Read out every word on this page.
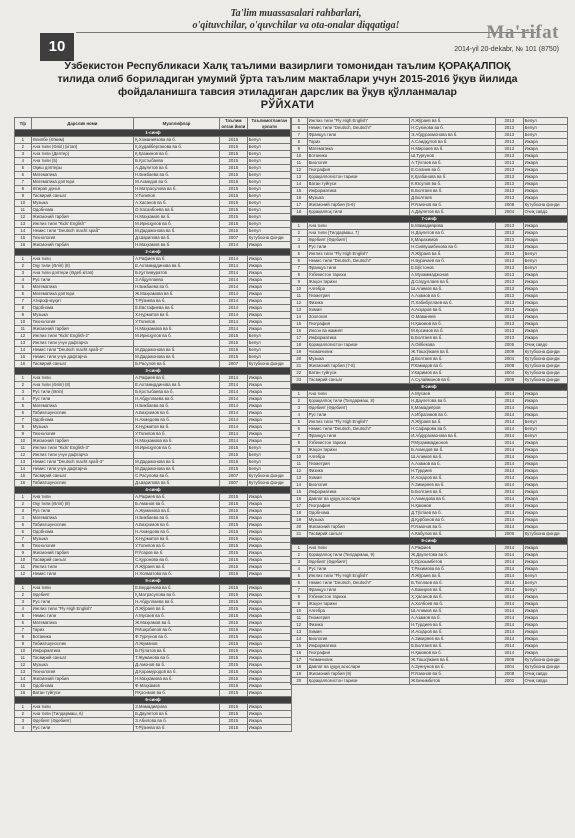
10
Ta'lim muassasalari rahbarlari,
o'qituvchilar, o'quvchilar va ota-onalar diqqatiga!	Ma'rifat
2014-yil 20-dekabr, № 101 (8750)
Ўзбекистон Республикаси Халқ таълими вазирлиги томонидан таълим ҚОРАҚАЛПОҚ
тилида олиб бориладиган умумий ўрта таълим мактаблари учун 2015-2016 ўқув йилида
фойдаланишга тавсия этиладиган дарслик ва ўқув қўлланмалар
РЎЙХАТИ
Т/р	Дарслик номи	Муаллифлар	Таълим олган йили	Таълимотланган ҳолати
1-синф				
1	Әлипбе (Ә'жим)	Қ.Хожаниязова ва б.	2015	Бепул
2	Ана тили (Әліп) (кітап)	Қ.Худайберганова ва б.	2015	Бепул
3	Ана тили (Дептер)	Қ.Қазжинов ва б.	2015	Бепул
4	Ана тили (5)	Б.Қостыбаева	2015	Бепул
5	Оқиш дәптеры	А.Даулетов ва б.	2015	Бепул
6	Математика	Н.Бикбаева ва б.	2015	Бепул
7	Математика дәптери	М.Ахмедов ва б.	2015	Бепул
8	Әтирап дүнья	Н.Матрасулова ва б.	2015	Бепул
9	Тасвирий санъат	У.Толипов	2015	Бепул
10	Музыка	А.Хасанов ва б.	2015	Бепул
11	Одобнома	О.Хасанбоева ва б.	2015	Бепул
12	Жисмоний тарбия	Н.Маҳкамов ва б.	2015	Бепул
13	Инглиз тили "Kids' English"	М.Ирисқулов ва б.	2015	Бепул
14	Немис тили "Deutsch macht spaß"	М.Дадажонова ва б.	2015	Бепул
15	Технология	Д.Шарипова ва б.	2007	Кутубхона фонди
16	Жисмоний тарбия	Н.Маҳкамов ва б.	2014	Ижара
2-синф				
1	Ана тили	А.Рафиев ва б.	2014	Ижара
2	Оқу тили (Әліп) (8)	Е.Ахтамиддинова ва б.	2014	Ижара
3	Ана тили дәптери (Әдеб кітап)	Б.Қутлимуратов	2014	Ижара
4	Рус тили	З.Абдуллаева	2014	Ижара
5	Математика	Н.Бикбаева ва б.	2014	Ижара
6	Математика дәптери	Ж.Маҳкамова ва б.	2014	Ижара
7	Атироф-муҳит	Т.Рўзиева ва б.	2014	Ижара
8	Одобнома	Е.Евстафиева ва б.	2014	Ижара
9	Музыка	Х.Нурматов ва б.	2014	Ижара
10	Технология	У.Толипов	2014	Ижара
11	Жисмоний тарбия	Н.Маҳкамова ва б.	2014	Ижара
12	Инглиз тили "Kids' English-2"	М.Ирисқулов ва б.	2015	Бепул
13	Инглиз тили учун дафтарча		2015	Бепул
14	Немис тили "Deutsch macht spaß-2"	М.Дадажонова ва б.	2015	Бепул
15	Немис тили учун дафтарча	М.Дадажонова ва б.	2015	Бепул
16	Тасвирий санъат	Б.Расулов ва б.	2007	Кутубхона фонди
3-синф				
1	Ана тили	А.Рафиев ва б.	2014	Ижара
2	Ана тили (Әліп) (8)	Е.Ахтамиддинова ва б.	2014	Ижара
3	Рус тили (Әліп)	Б.Қостыбаева ва б.	2014	Ижара
4	Рус тили	Н.Абдуллаева ва б.	2014	Ижара
5	Математика	Н.Бикбаева ва б.	2014	Ижара
6	Табиатшунослик	А.Бахромов ва б.	2014	Ижара
7	Одобнома	Н.Ахмедова ва б.	2014	Ижара
8	Музыка	Х.Нурматов ва б.	2014	Ижара
9	Технология	У.Толипов ва б.	2014	Ижара
10	Жисмоний тарбия	Н.Маҳкамова ва б.	2014	Ижара
11	Инглиз тили "Kids' English-3"	М.Ирисқулов ва б.	2015	Бепул
12	Инглиз тили учун дафтарча		2015	Бепул
13	Немис тили "Deutsch macht spaß-3"	М.Дадажонова ва б.	2015	Бепул
14	Немис тили учун дафтарча	М.Дадажонова ва б.	2015	Бепул
15	Тасвирий санъат	С.Расулова ва б.	2007	Кутубхона фонди
16	Табиатшунослик	Д.Шарипова ва б.	2007	Кутубхона фонди
4-синф				
1	Ана тили	А.Рафиев ва б.	2015	Ижара
2	Оқу тили (Әліп) (8)	Б.Аманов ва б.	2015	Ижара
3	Рус тили	А.Жуманова ва б.	2015	Ижара
4	Математика	Н.Бикбаева ва б.	2015	Ижара
5	Табиатшунослик	А.Бахромов ва б.	2015	Ижара
6	Одобнома	Н.Ахмедова ва б.	2015	Ижара
7	Музыка	Х.Нурматов ва б.	2015	Ижара
8	Технология	У.Толипов ва б.	2015	Ижара
9	Жисмоний тарбия	Р.Ўсаров ва б.	2015	Ижара
10	Тасвирий санъат	С.Қуронова ва б.	2015	Ижара
11	Инглиз тили	Л.Жўраев ва б.	2015	Ижара
12	Немис тили	Н.Холматова ва б.	2015	Ижара
5-синф				
1	Ана тили	Е.Берденова ва б.	2015	Ижара
2	Әдебият	Қ.Матрасулова ва б.	2015	Ижара
3	Рус тили	Н.Абдуллаева ва б.	2015	Ижара
4	Инглиз тили "Fly High English"	Л.Жўраев ва б.	2015	Ижара
5	Немис тили	А.Мусаев ва б.	2015	Ижара
6	Математика	Ж.Маҳкамов ва б.	2015	Ижара
7	Тарих	Р.Ишқобилов ва б.	2015	Ижара
8	Ботаника	Ф.Турғунов ва б.	2015	Ижара
9	Табиатшунослик	Л.Жуманов	2015	Ижара
10	Информатика	Б.Пўлатов ва б.	2015	Ижара
11	Тасвирий санъат	Т.Жуманова ва б.	2015	Ижара
12	Музыка	Д.Амонов ва б.	2015	Ижара
13	Технология	Д.Қорамуродов ва б.	2015	Ижара
14	Жисмоний тарбия	Н.Маҳкамова ва б.	2015	Ижара
15	Одобнома	Ф.Маҳкамов	2015	Ижара
16	Ватан туйғуси	Р.Қосимов ва б.	2015	Ижара
6-синф				
1	Ана тили	З.Мамадиярова	2015	Ижара
2	Ана тили (Тилдармаш, 6)	Б.Даулетов ва б.	2015	Ижара
3	Әдебият (Әдебият)	З.Абилова ва б.	2015	Ижара
4	Рус тили	Т.Рўзиева ва б.	2015	Ижара
5	Инглиз тили "Fly High English"	Л.Жўраев ва б.	2013	Бепул
6	Немис тили "Deutsch, Deutsch!"	Н.Суюнова ва б.	2013	Бепул
7	Француз тили	Э.Абдурахмонова ва б.	2013	Бепул
8	Тарих	А.Саидқулов ва б.	2013	Ижара
9	Математика	Н.Мирзаев ва б.	2013	Ижара
10	Ботаника	Ш.Турғунов	2013	Ижара
11	Биология	А.Тўхтаев ва б.	2013	Ижара
12	География	Е.Салиев ва б.	2013	Ижара
13	Қорақалпоғистон тарихи	Қ.Қазбанова ва б.	2013	Ижара
14	Ватан туйғуси	К.Юсупов ва б.	2013	Ижара
15	Информатика	Б.Болтаев ва б.	2013	Ижара
16	Музыка	Д.Болтаев	2013	Ижара
17	Жисмоний тарбия (5-6)	Р.Усмонов ва б.	2008	Кутубхона фонди
18	Қорақалпоқ тили	А.Даулетов ва б.	2004	Очиқ савдо
7-синф				
1	Ана тили	Б.Мамадиярова	2013	Ижара
2	Ана тили (Тилдармаш, 7)	Н.Даулетов ва б.	2013	Ижара
3	Әдебият (Әдебият)	Қ.Марахимов	2013	Ижара
4	Рус тили	Н.Сиявушибекова ва б.	2013	Ижара
5	Инглиз тили "Fly High English"	Л.Жўраев ва б.	2013	Бепул
6	Немис тили "Deutsch, Deutsch!"	Н.Бурачаев ва б.	2013	Бепул
7	Француз тили	Е.Бўстонов	2013	Бепул
8	Ўзбекистон тарихи	А.Мухаммаджонов	2013	Ижара
9	Жаҳон тарихи	Д.Сагдуллаев ва б.	2013	Ижара
10	Алгебра	Ш.Алимов ва б.	2013	Ижара
11	Геометрия	А.Азамов ва б.	2013	Ижара
12	Физика	П.Хабибуллаев ва б.	2013	Ижара
13	Химия	А.Асқаров ва б.	2013	Ижара
14	Зоология	О.Маваняев	2013	Ижара
15	География	Н.Қаюмов ва б.	2013	Ижара
16	Инсон ва жамият	М.Қосимов ва б.	2013	Ижара
17	Информатика	Б.Болтаев ва б.	2013	Ижара
18	Қорақалпоғистон тарихи	А.Ойбекова	2005	Очиқ савдо
19	Чизмачилик	Ж.Ташхўжаев ва б.	2009	Кутубхона фонди
20	Музыка	Д.Болтаев ва б.	2004	Кутубхона фонди
21	Жисмоний тарбия (7-8)	Р.Хамидов ва б.	2008	Кутубхона фонди
22	Ватан туйғуси	У.Каримов ва б.	2004	Кутубхона фонди
23	Тасвирий санъат	А.Сулаймонов ва б.	2009	Кутубхона фонди
8-синф				
1	Ана тили	А.Мусаев	2014	Ижара
2	Қорақалпоқ тили (Тилдармаш, 8)	Н.Даулетова ва б.	2014	Ижара
3	Әдебият (Әдебият)	Қ.Мамадиёров	2014	Ижара
4	Рус тили	А.Ибрагимов ва б.	2014	Ижара
5	Инглиз тили "Fly High English"	Л.Жўраев ва б.	2014	Бепул
6	Немис тили "Deutsch, Deutsch!"	Н.Сафарова ва б.	2014	Бепул
7	Француз тили	И.Абдурахмонова ва б.	2014	Бепул
8	Ўзбекистон тарихи	Р.Муҳаммаджонов	2014	Ижара
9	Жаҳон тарихи	Б.Ахмедов ва б.	2014	Ижара
10	Алгебра	Ш.Алимов ва б.	2014	Ижара
11	Геометрия	А.Азамов ва б.	2014	Ижара
12	Физика	Н.Турдиев	2014	Ижара
13	Химия	И.Асқаров ва б.	2014	Ижара
14	Биология	А.Зикиряев ва б.	2014	Ижара
15	Информатика	Б.Болтаев ва б.	2014	Ижара
16	Давлат ва ҳуқуқ асослари	А.Ахмедова ва б.	2014	Ижара
17	География	Н.Қаюмов	2014	Ижара
18	Одобнома	Д.Тўхтаев ва б.	2014	Ижара
19	Музыка	Д.Қурбонов ва б.	2014	Ижара
20	Жисмоний тарбия	Р.Усмонов ва б.	2014	Ижара
21	Тасвирий санъат	А.Кабулов ва б.	2006	Кутубхона фонди
9-синф				
1	Ана тили	А.Рафиев	2014	Ижара
2	Қорақалпоқ тили (Тилдармаш, 9)	Ж.Даулетова ва б.	2014	Ижара
3	Әдебият (Әдебият)	Қ.Оразымбетов	2014	Ижара
4	Рус тили	Т.Рахимова ва б.	2014	Ижара
5	Инглиз тили "Fly High English"	Л.Жўраев ва б.	2014	Бепул
6	Немис тили "Deutsch, Deutsch!"	Б.Тиллаев ва б.	2014	Бепул
7	Француз тили	А.Бакиров ва б.	2014	Бепул
8	Ўзбекистон тарихи	Ҳ.Ҳасанов ва б.	2014	Ижара
9	Жаҳон тарихи	А.Холбоев ва б.	2014	Ижара
10	Алгебра	Ш.Алимов ва б.	2014	Ижара
11	Геометрия	А.Азамов ва б.	2014	Ижара
12	Физика	Н.Турдиев ва б.	2014	Ижара
13	Химия	И.Асқаров ва б.	2014	Ижара
14	Биология	А.Зикиряев ва б.	2014	Ижара
15	Информатика	Б.Болтаев ва б.	2014	Ижара
16	География	Н.Қаюмов ва б.	2014	Ижара
17	Чизмачилик	Ж.Ташхўжаев ва б.	2009	Кутубхона фонди
18	Давлат ва ҳуқуқ асослари	А.Зуннунов ва б.	2004	Кутубхона фонди
19	Жисмоний тарбия (9)	Р.Усмонов ва б.	2008	Очиқ савдо
20	Қорақалпоғистон тарихи	Ж.Бекимбетов	2002	Очиқ савдо
